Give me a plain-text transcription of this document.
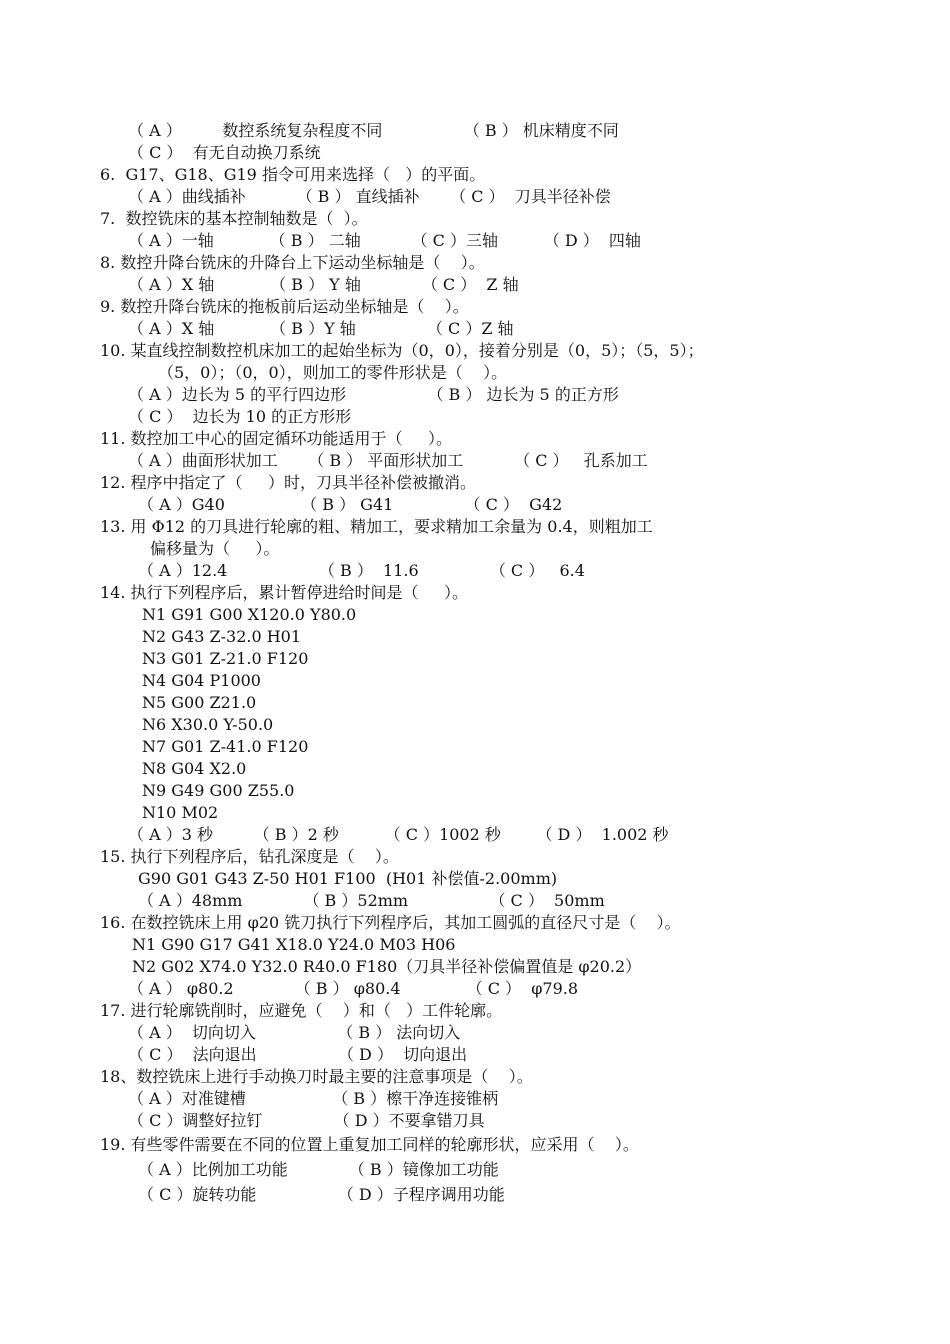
（ A ）        数控系统复杂程度不同                （ B ） 机床精度不同
（ C ）  有无自动换刀系统
6.  G17、G18、G19 指令可用来选择（   ）的平面。
（ A ）曲线插补          （ B ） 直线插补      （ C ）  刀具半径补偿
7.  数控铣床的基本控制轴数是（  ）。
（ A ）一轴           （ B ） 二轴          （ C ）三轴         （ D ）  四轴
8. 数控升降台铣床的升降台上下运动坐标轴是（    ）。
（ A ）X 轴           （ B ） Y 轴            （ C ）  Z 轴
9. 数控升降台铣床的拖板前后运动坐标轴是（    ）。
（ A ）X 轴           （ B ）Y 轴              （ C ）Z 轴
10. 某直线控制数控机床加工的起始坐标为（0，0），接着分别是（0，5）；（5，5）；
（5，0）；（0，0），则加工的零件形状是（    ）。
（ A ）边长为 5 的平行四边形                （ B ） 边长为 5 的正方形
（ C ）  边长为 10 的正方形形
11. 数控加工中心的固定循环功能适用于（     ）。
（ A ）曲面形状加工      （ B ） 平面形状加工          （ C ）   孔系加工
12. 程序中指定了（     ）时，刀具半径补偿被撤消。
（ A ）G40               （ B ） G41              （ C ）  G42
13. 用 Φ12 的刀具进行轮廓的粗、精加工，要求精加工余量为 0.4，则粗加工
偏移量为（     ）。
（ A ）12.4                  （ B ）  11.6              （ C ）   6.4
14. 执行下列程序后，累计暂停进给时间是（     ）。
N1 G91 G00 X120.0 Y80.0
N2 G43 Z-32.0 H01
N3 G01 Z-21.0 F120
N4 G04 P1000
N5 G00 Z21.0
N6 X30.0 Y-50.0
N7 G01 Z-41.0 F120
N8 G04 X2.0
N9 G49 G00 Z55.0
N10 M02
（ A ）3 秒        （ B ）2 秒         （ C ）1002 秒       （ D ）  1.002 秒
15. 执行下列程序后，钻孔深度是（    ）。
G90 G01 G43 Z-50 H01 F100  (H01 补偿值-2.00mm)
（ A ）48mm            （ B ）52mm                （ C ）  50mm
16. 在数控铣床上用 φ20 铣刀执行下列程序后，其加工圆弧的直径尺寸是（    ）。
N1 G90 G17 G41 X18.0 Y24.0 M03 H06
N2 G02 X74.0 Y32.0 R40.0 F180（刀具半径补偿偏置值是 φ20.2）
（ A ） φ80.2            （ B ） φ80.4             （ C ）  φ79.8
17. 进行轮廓铣削时，应避免（    ）和（   ）工件轮廓。
（ A ）  切向切入                （ B ） 法向切入
（ C ）  法向退出                （ D ）  切向退出
18、数控铣床上进行手动换刀时最主要的注意事项是（    ）。
（ A ）对准键槽                 （ B ）檫干净连接锥柄
（ C ）调整好拉钉              （ D ）不要拿错刀具
19. 有些零件需要在不同的位置上重复加工同样的轮廓形状，应采用（    ）。
（ A ）比例加工功能            （ B ）镜像加工功能
（ C ）旋转功能                （ D ）子程序调用功能
